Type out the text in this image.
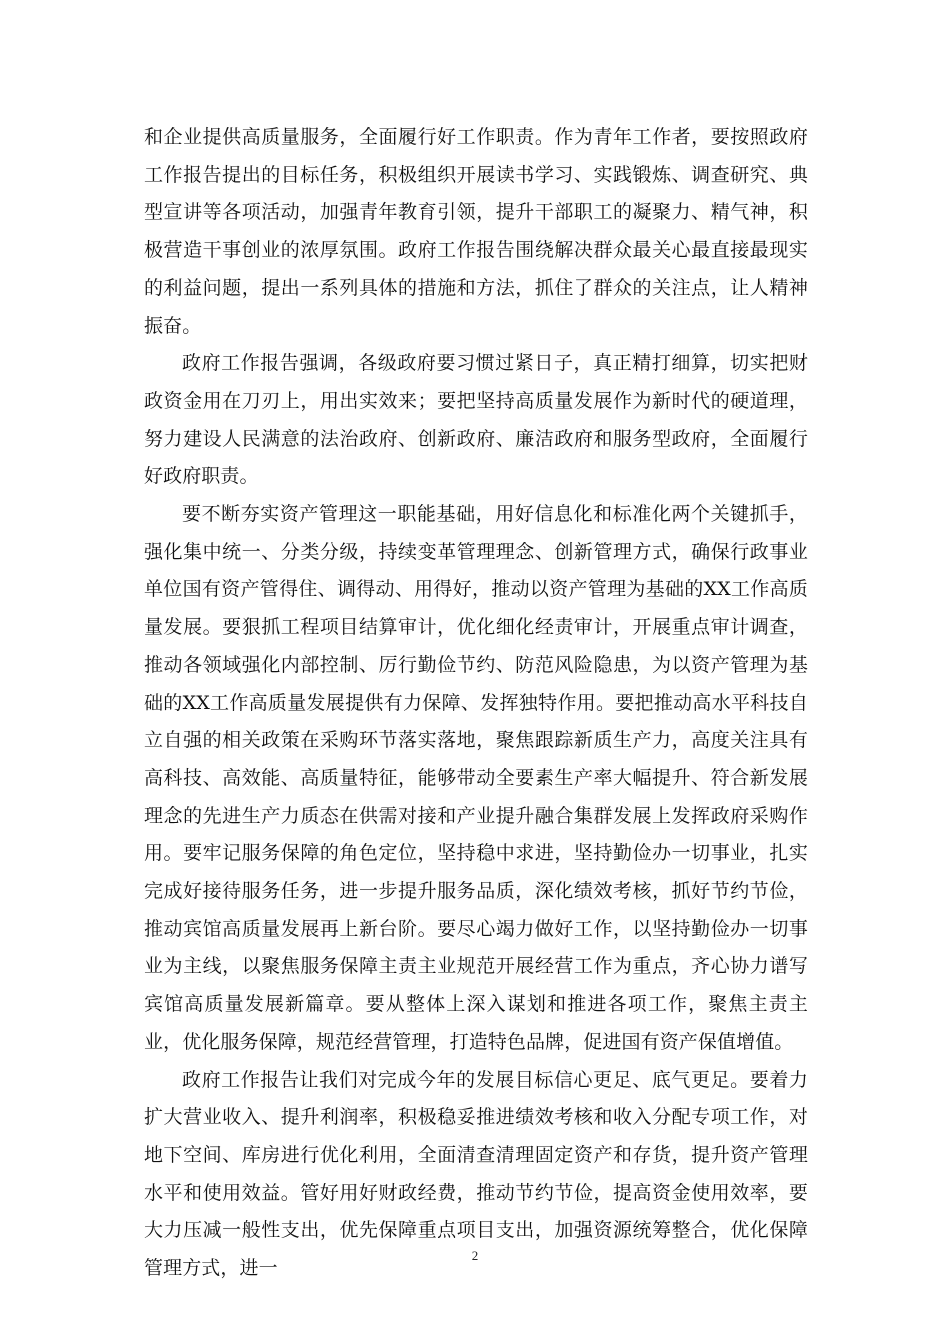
和企业提供高质量服务，全面履行好工作职责。作为青年工作者，要按照政府工作报告提出的目标任务，积极组织开展读书学习、实践锻炼、调查研究、典型宣讲等各项活动，加强青年教育引领，提升干部职工的凝聚力、精气神，积极营造干事创业的浓厚氛围。政府工作报告围绕解决群众最关心最直接最现实的利益问题，提出一系列具体的措施和方法，抓住了群众的关注点，让人精神振奋。

政府工作报告强调，各级政府要习惯过紧日子，真正精打细算，切实把财政资金用在刀刃上，用出实效来；要把坚持高质量发展作为新时代的硬道理，努力建设人民满意的法治政府、创新政府、廉洁政府和服务型政府，全面履行好政府职责。

要不断夯实资产管理这一职能基础，用好信息化和标准化两个关键抓手，强化集中统一、分类分级，持续变革管理理念、创新管理方式，确保行政事业单位国有资产管得住、调得动、用得好，推动以资产管理为基础的XX工作高质量发展。要狠抓工程项目结算审计，优化细化经责审计，开展重点审计调查，推动各领域强化内部控制、厉行勤俭节约、防范风险隐患，为以资产管理为基础的XX工作高质量发展提供有力保障、发挥独特作用。要把推动高水平科技自立自强的相关政策在采购环节落实落地，聚焦跟踪新质生产力，高度关注具有高科技、高效能、高质量特征，能够带动全要素生产率大幅提升、符合新发展理念的先进生产力质态在供需对接和产业提升融合集群发展上发挥政府采购作用。要牢记服务保障的角色定位，坚持稳中求进，坚持勤俭办一切事业，扎实完成好接待服务任务，进一步提升服务品质，深化绩效考核，抓好节约节俭，推动宾馆高质量发展再上新台阶。要尽心竭力做好工作，以坚持勤俭办一切事业为主线，以聚焦服务保障主责主业规范开展经营工作为重点，齐心协力谱写宾馆高质量发展新篇章。要从整体上深入谋划和推进各项工作，聚焦主责主业，优化服务保障，规范经营管理，打造特色品牌，促进国有资产保值增值。

政府工作报告让我们对完成今年的发展目标信心更足、底气更足。要着力扩大营业收入、提升利润率，积极稳妥推进绩效考核和收入分配专项工作，对地下空间、库房进行优化利用，全面清查清理固定资产和存货，提升资产管理水平和使用效益。管好用好财政经费，推动节约节俭，提高资金使用效率，要大力压减一般性支出，优先保障重点项目支出，加强资源统筹整合，优化保障管理方式，进一

2
